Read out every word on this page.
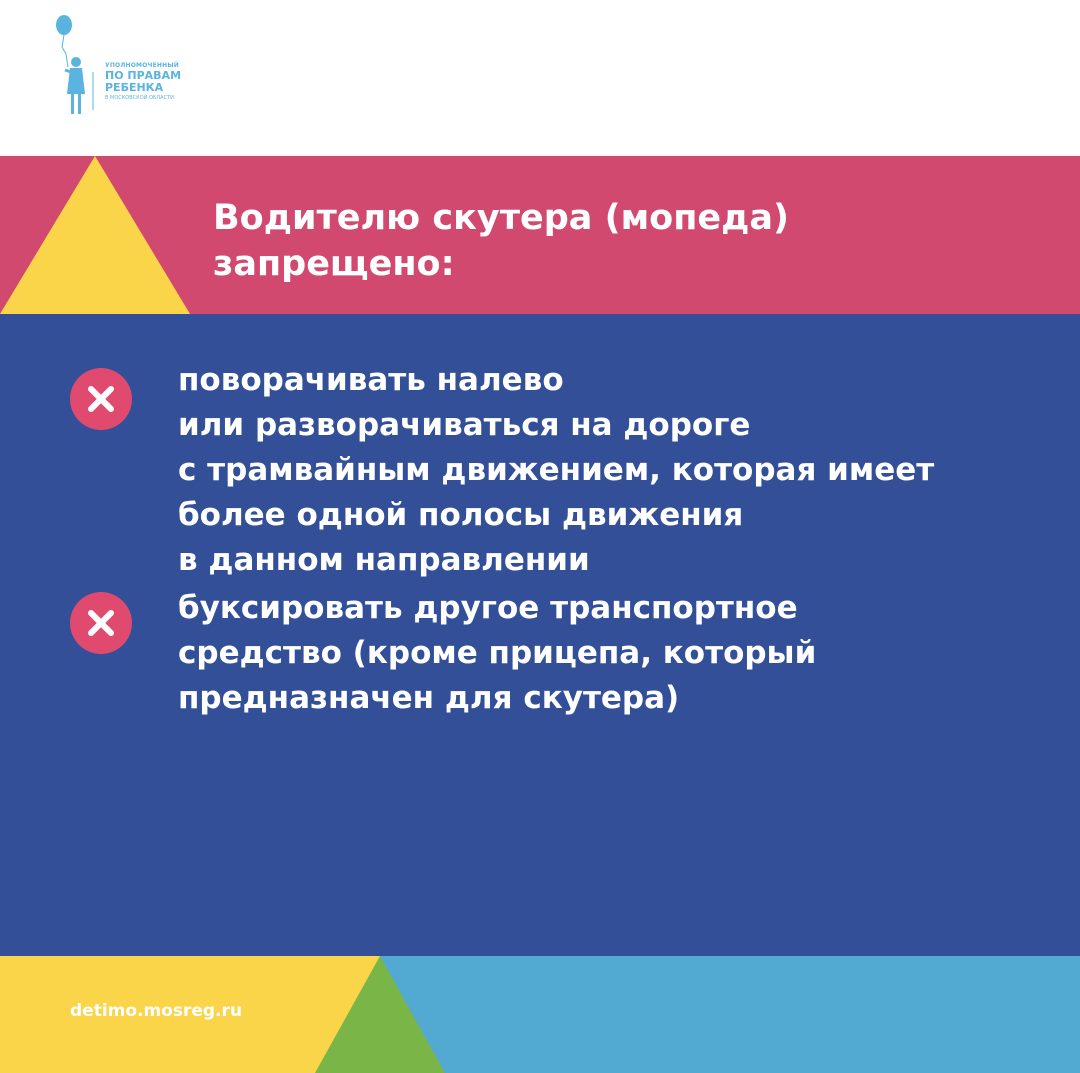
УПОЛНОМОЧЕННЫЙ
ПО ПРАВАМ
РЕБЕНКА
В МОСКОВСКОЙ ОБЛАСТИ
Водителю скутера (мопеда)
запрещено:
поворачивать налево
или разворачиваться на дороге
с трамвайным движением, которая имеет
более одной полосы движения
в данном направлении
буксировать другое транспортное
средство (кроме прицепа, который
предназначен для скутера)
detimo.mosreg.ru
